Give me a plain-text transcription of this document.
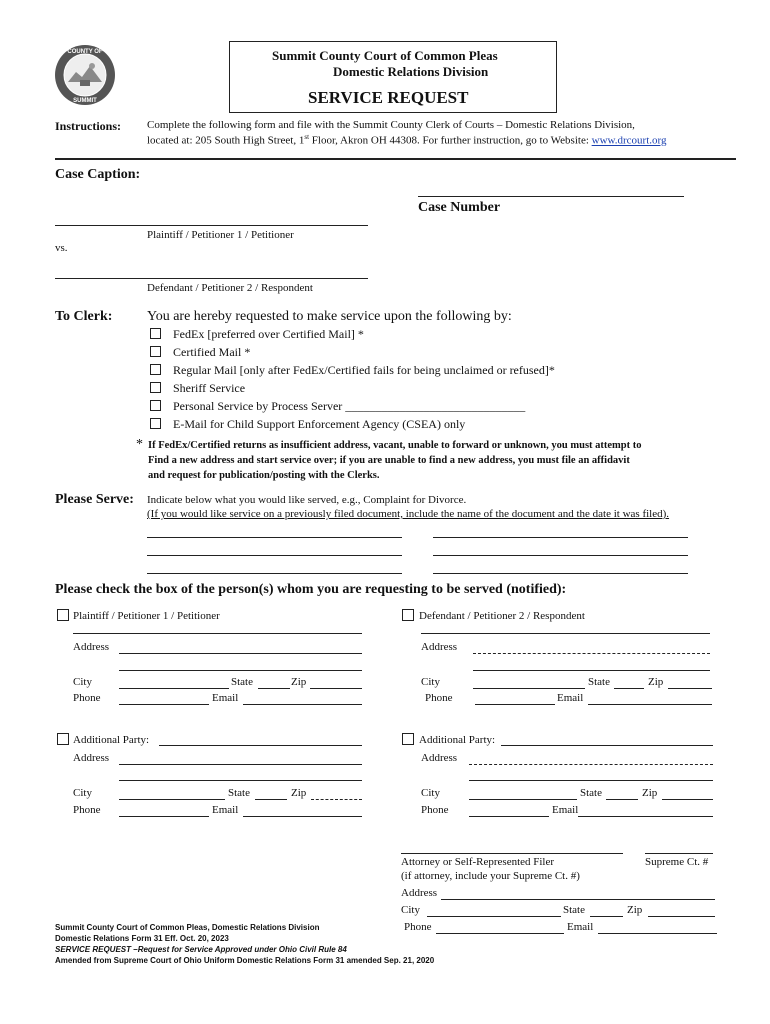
COUNTY OF
SUMMIT
Summit County Court of Common Pleas
Domestic Relations Division
SERVICE REQUEST
Instructions: Complete the following form and file with the Summit County Clerk of Courts – Domestic Relations Division,
located at: 205 South High Street, 1st Floor, Akron OH 44308. For further instruction, go to Website: www.drcourt.org
Case Caption:
Case Number
Plaintiff / Petitioner 1 / Petitioner
vs.
Defendant / Petitioner 2 / Respondent
To Clerk: You are hereby requested to make service upon the following by:
FedEx [preferred over Certified Mail] *
Certified Mail *
Regular Mail [only after FedEx/Certified fails for being unclaimed or refused]*
Sheriff Service
Personal Service by Process Server ______________________________
E-Mail for Child Support Enforcement Agency (CSEA) only
* If FedEx/Certified returns as insufficient address, vacant, unable to forward or unknown, you must attempt to
Find a new address and start service over; if you are unable to find a new address, you must file an affidavit
and request for publication/posting with the Clerks.
Please Serve: Indicate below what you would like served, e.g., Complaint for Divorce.
(If you would like service on a previously filed document, include the name of the document and the date it was filed).
Please check the box of the person(s) whom you are requesting to be served (notified):
Plaintiff / Petitioner 1 / Petitioner
Address
City	State	Zip
Phone	Email
Defendant / Petitioner 2 / Respondent
Address
City	State	Zip
Phone	Email
Additional Party:
Address
City	State	Zip
Phone	Email
Additional Party:
Address
City	State	Zip
Phone	Email
Attorney or Self-Represented Filer	Supreme Ct. #
(if attorney, include your Supreme Ct. #)
Address
City	State	Zip
Phone	Email
Summit County Court of Common Pleas, Domestic Relations Division
Domestic Relations Form 31 Eff. Oct. 20, 2023
SERVICE REQUEST –Request for Service Approved under Ohio Civil Rule 84
Amended from Supreme Court of Ohio Uniform Domestic Relations Form 31 amended Sep. 21, 2020
